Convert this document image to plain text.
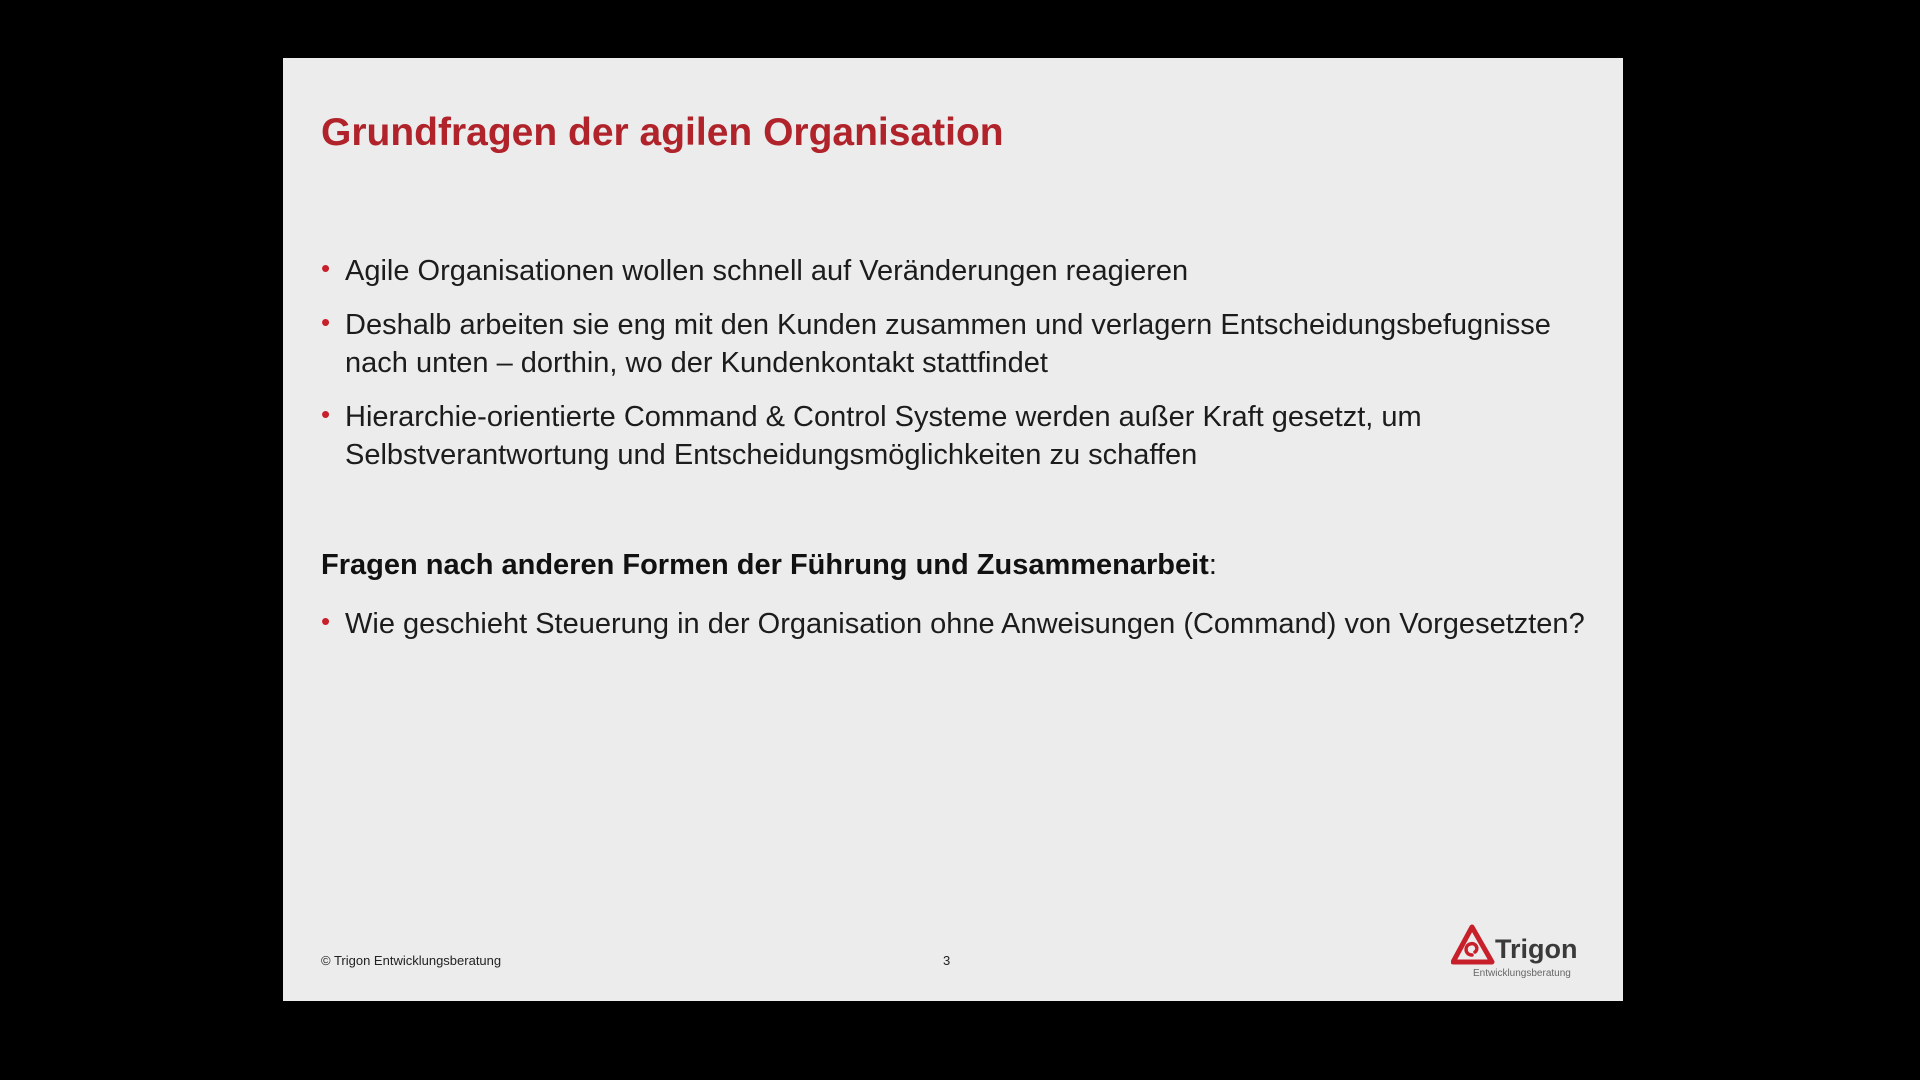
Grundfragen der agilen Organisation
• Agile Organisationen wollen schnell auf Veränderungen reagieren
• Deshalb arbeiten sie eng mit den Kunden zusammen und verlagern Entscheidungsbefugnisse nach unten – dorthin, wo der Kundenkontakt stattfindet
• Hierarchie-orientierte Command & Control Systeme werden außer Kraft gesetzt, um Selbstverantwortung und Entscheidungsmöglichkeiten zu schaffen

Fragen nach anderen Formen der Führung und Zusammenarbeit:

• Wie geschieht Steuerung in der Organisation ohne Anweisungen (Command) von Vorgesetzten?
© Trigon Entwicklungsberatung	3	Trigon
Entwicklungsberatung
